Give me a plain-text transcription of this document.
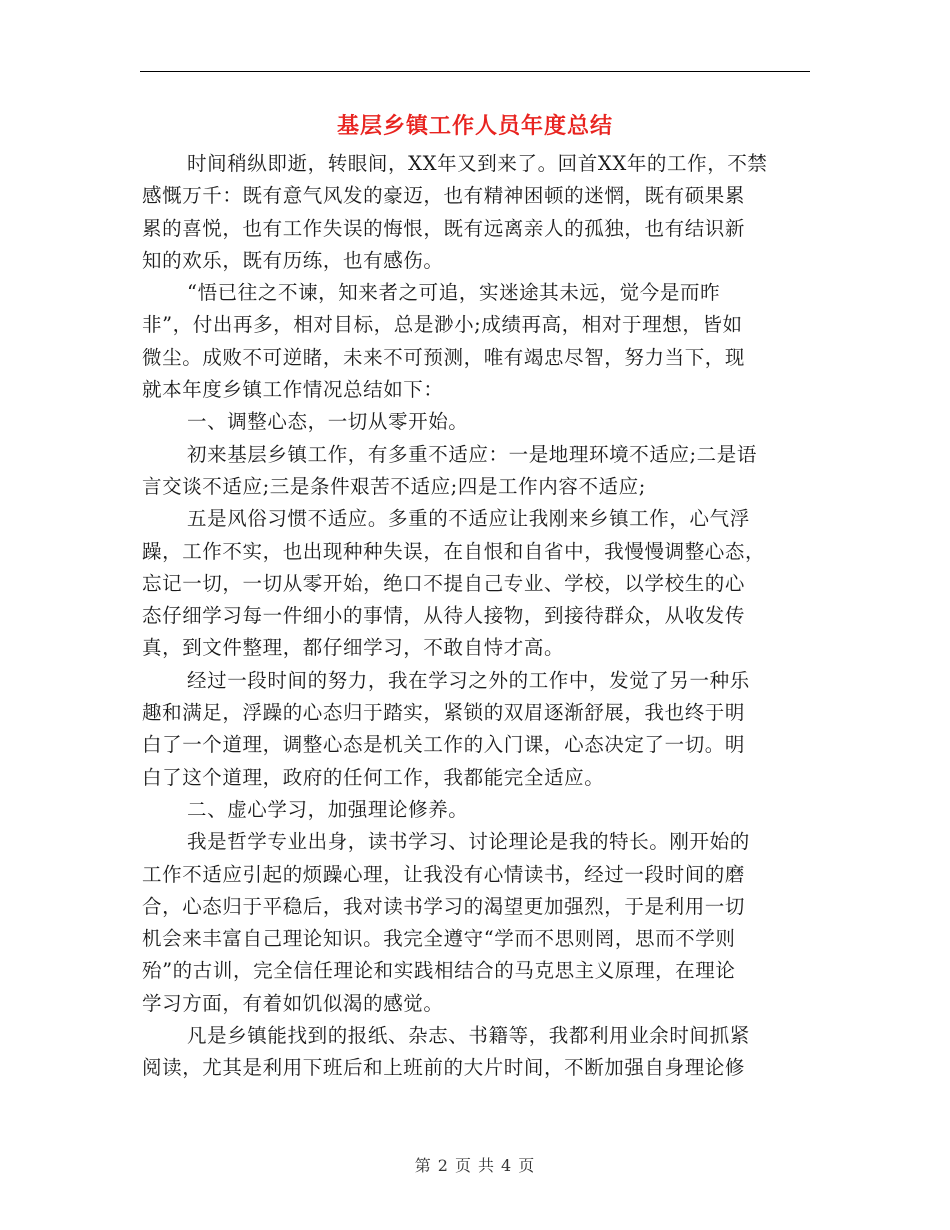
基层乡镇工作人员年度总结
时间稍纵即逝，转眼间，XX年又到来了。回首XX年的工作，不禁
感慨万千：既有意气风发的豪迈，也有精神困顿的迷惘，既有硕果累
累的喜悦，也有工作失误的悔恨，既有远离亲人的孤独，也有结识新
知的欢乐，既有历练，也有感伤。
“悟已往之不谏，知来者之可追，实迷途其未远，觉今是而昨
非”，付出再多，相对目标，总是渺小;成绩再高，相对于理想，皆如
微尘。成败不可逆睹，未来不可预测，唯有竭忠尽智，努力当下，现
就本年度乡镇工作情况总结如下：
一、调整心态，一切从零开始。
初来基层乡镇工作，有多重不适应：一是地理环境不适应;二是语
言交谈不适应;三是条件艰苦不适应;四是工作内容不适应;
五是风俗习惯不适应。多重的不适应让我刚来乡镇工作，心气浮
躁，工作不实，也出现种种失误，在自恨和自省中，我慢慢调整心态，
忘记一切，一切从零开始，绝口不提自己专业、学校，以学校生的心
态仔细学习每一件细小的事情，从待人接物，到接待群众，从收发传
真，到文件整理，都仔细学习，不敢自恃才高。
经过一段时间的努力，我在学习之外的工作中，发觉了另一种乐
趣和满足，浮躁的心态归于踏实，紧锁的双眉逐渐舒展，我也终于明
白了一个道理，调整心态是机关工作的入门课，心态决定了一切。明
白了这个道理，政府的任何工作，我都能完全适应。
二、虚心学习，加强理论修养。
我是哲学专业出身，读书学习、讨论理论是我的特长。刚开始的
工作不适应引起的烦躁心理，让我没有心情读书，经过一段时间的磨
合，心态归于平稳后，我对读书学习的渴望更加强烈，于是利用一切
机会来丰富自己理论知识。我完全遵守“学而不思则罔，思而不学则
殆”的古训，完全信任理论和实践相结合的马克思主义原理，在理论
学习方面，有着如饥似渴的感觉。
凡是乡镇能找到的报纸、杂志、书籍等，我都利用业余时间抓紧
阅读，尤其是利用下班后和上班前的大片时间，不断加强自身理论修
第 2 页 共 4 页
